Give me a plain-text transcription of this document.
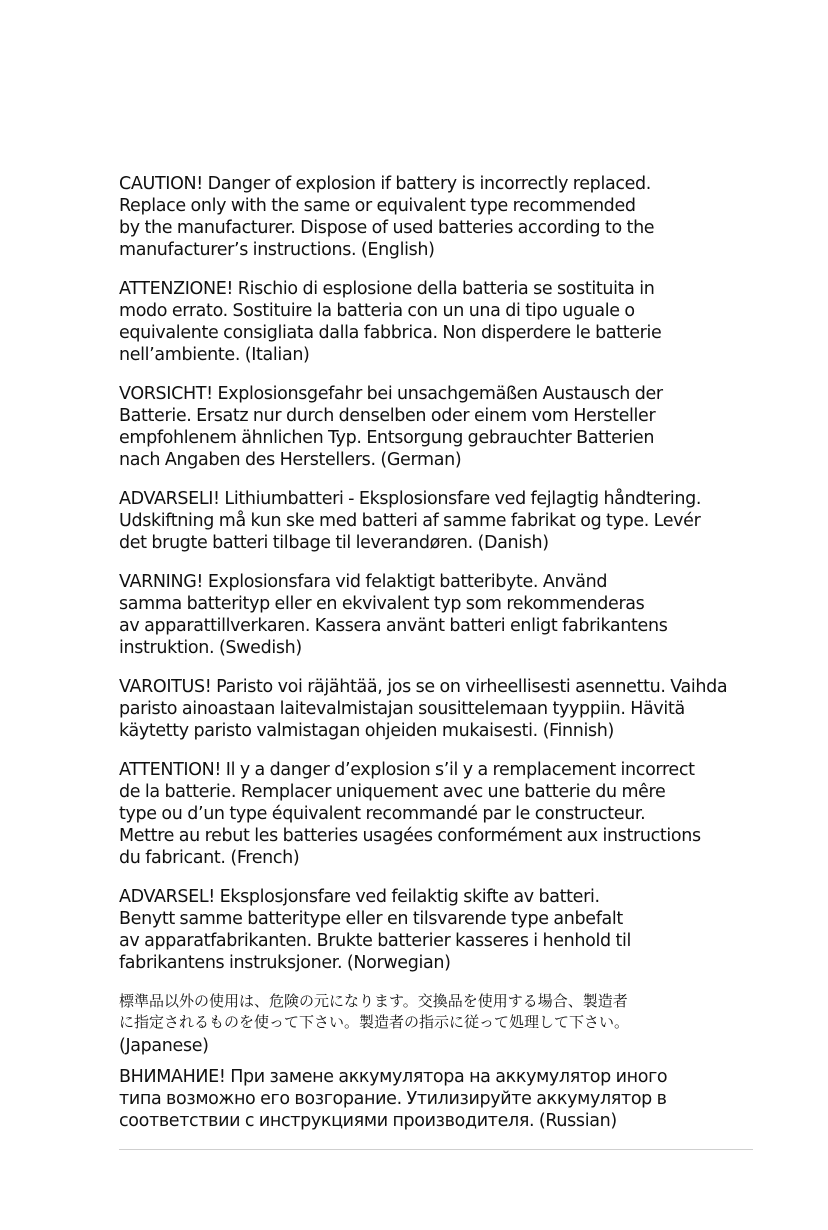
CAUTION! Danger of explosion if battery is incorrectly replaced.
Replace only with the same or equivalent type recommended
by the manufacturer. Dispose of used batteries according to the
manufacturer’s instructions. (English)

ATTENZIONE! Rischio di esplosione della batteria se sostituita in
modo errato. Sostituire la batteria con un una di tipo uguale o
equivalente consigliata dalla fabbrica. Non disperdere le batterie
nell’ambiente. (Italian)

VORSICHT! Explosionsgefahr bei unsachgemäßen Austausch der
Batterie. Ersatz nur durch denselben oder einem vom Hersteller
empfohlenem ähnlichen Typ. Entsorgung gebrauchter Batterien
nach Angaben des Herstellers. (German)

ADVARSELI! Lithiumbatteri - Eksplosionsfare ved fejlagtig håndtering.
Udskiftning må kun ske med batteri af samme fabrikat og type. Levér
det brugte batteri tilbage til leverandøren. (Danish)

VARNING! Explosionsfara vid felaktigt batteribyte. Använd
samma batterityp eller en ekvivalent typ som rekommenderas
av apparattillverkaren. Kassera använt batteri enligt fabrikantens
instruktion. (Swedish)

VAROITUS! Paristo voi räjähtää, jos se on virheellisesti asennettu. Vaihda
paristo ainoastaan laitevalmistajan sousittelemaan tyyppiin. Hävitä
käytetty paristo valmistagan ohjeiden mukaisesti. (Finnish)

ATTENTION! Il y a danger d’explosion s’il y a remplacement incorrect
de la batterie. Remplacer uniquement avec une batterie du mêre
type ou d’un type équivalent recommandé par le constructeur.
Mettre au rebut les batteries usagées conformément aux instructions
du fabricant. (French)

ADVARSEL! Eksplosjonsfare ved feilaktig skifte av batteri.
Benytt samme batteritype eller en tilsvarende type anbefalt
av apparatfabrikanten. Brukte batterier kasseres i henhold til
fabrikantens instruksjoner. (Norwegian)

標準品以外の使用は、危険の元になります。交換品を使用する場合、製造者
に指定されるものを使って下さい。製造者の指示に従って処理して下さい。
(Japanese)

ВНИМАНИЕ! При замене аккумулятора на аккумулятор иного
типа возможно его возгорание. Утилизируйте аккумулятор в
соответствии с инструкциями производителя. (Russian)
